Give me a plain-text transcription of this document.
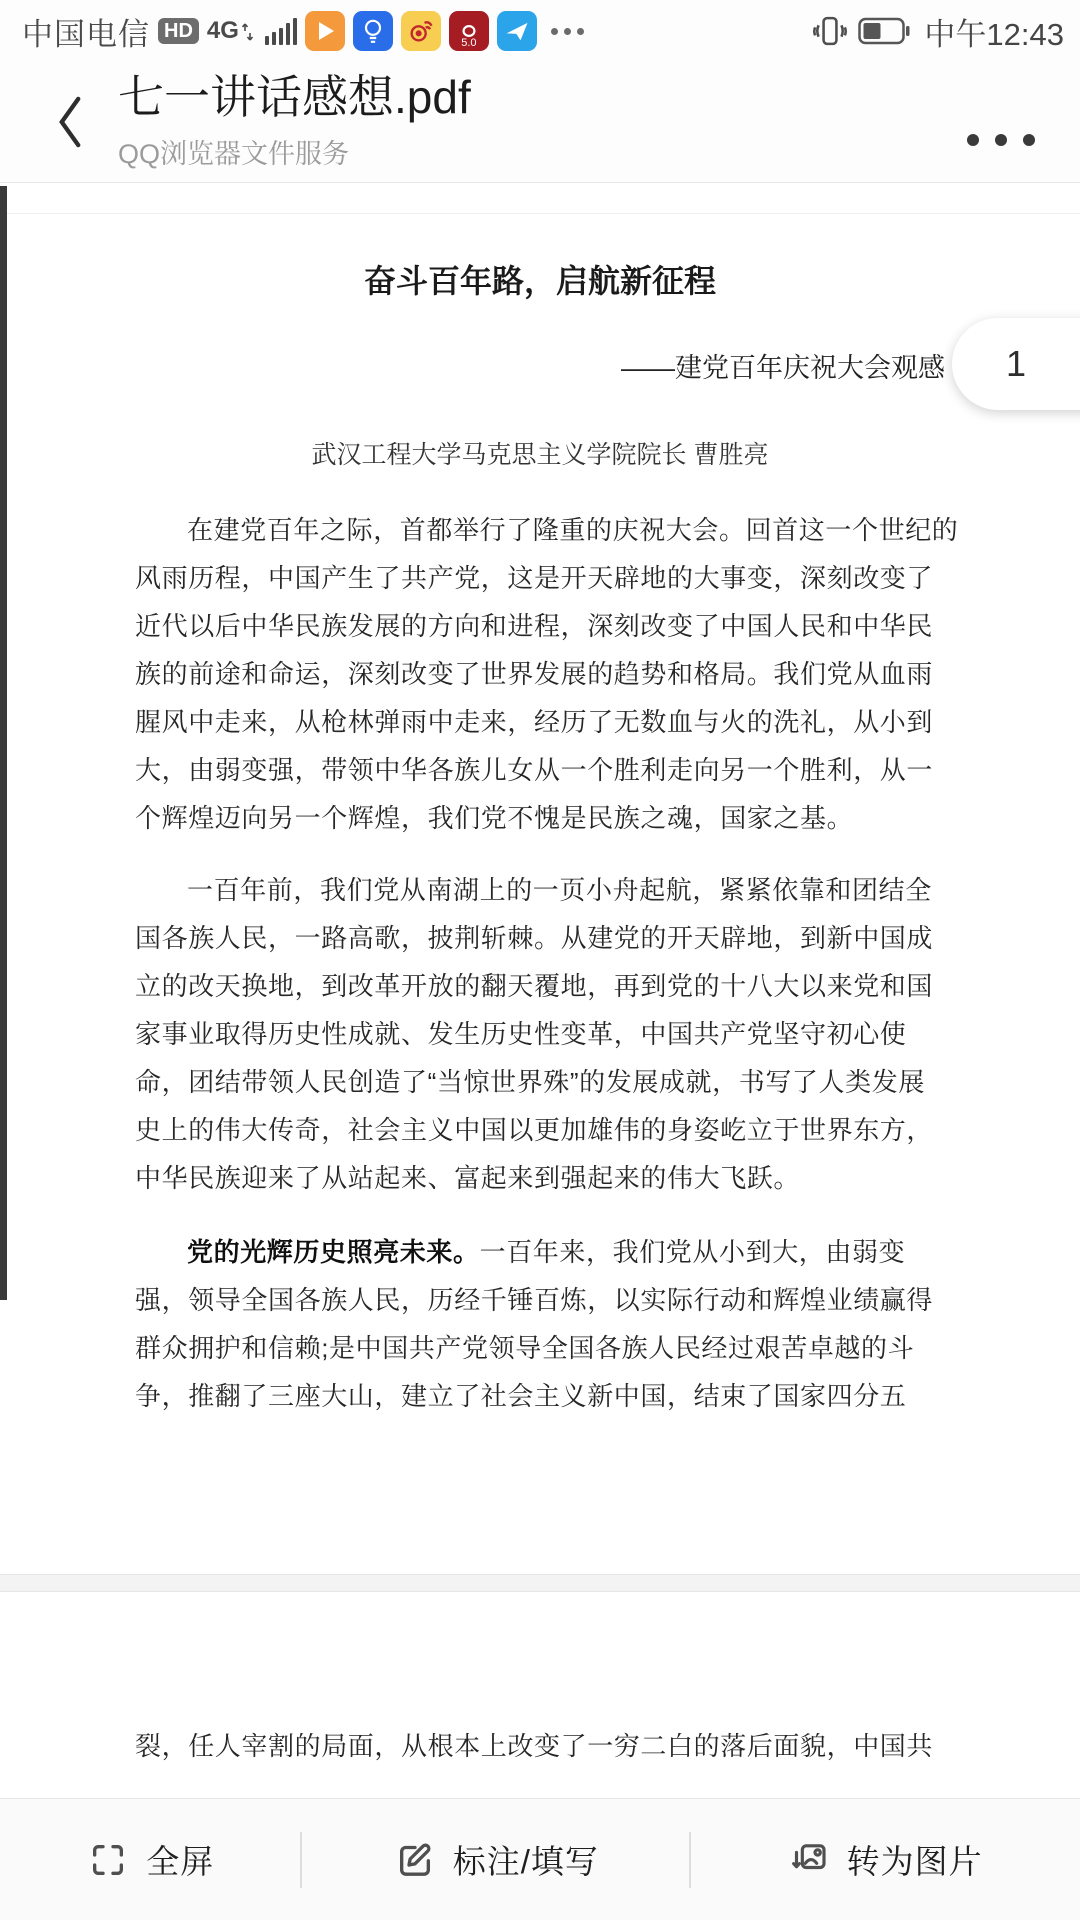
中国电信 HD 4G	5.0	中午12:43
七一讲话感想.pdf
QQ浏览器文件服务
奋斗百年路，启航新征程
——建党百年庆祝大会观感
武汉工程大学马克思主义学院院长 曹胜亮
在建党百年之际，首都举行了隆重的庆祝大会。回首这一个世纪的
风雨历程，中国产生了共产党，这是开天辟地的大事变，深刻改变了
近代以后中华民族发展的方向和进程，深刻改变了中国人民和中华民
族的前途和命运，深刻改变了世界发展的趋势和格局。我们党从血雨
腥风中走来，从枪林弹雨中走来，经历了无数血与火的洗礼，从小到
大，由弱变强，带领中华各族儿女从一个胜利走向另一个胜利，从一
个辉煌迈向另一个辉煌，我们党不愧是民族之魂，国家之基。
一百年前，我们党从南湖上的一页小舟起航，紧紧依靠和团结全
国各族人民，一路高歌，披荆斩棘。从建党的开天辟地，到新中国成
立的改天换地，到改革开放的翻天覆地，再到党的十八大以来党和国
家事业取得历史性成就、发生历史性变革，中国共产党坚守初心使
命，团结带领人民创造了“当惊世界殊”的发展成就，书写了人类发展
史上的伟大传奇，社会主义中国以更加雄伟的身姿屹立于世界东方，
中华民族迎来了从站起来、富起来到强起来的伟大飞跃。
党的光辉历史照亮未来。一百年来，我们党从小到大，由弱变
强，领导全国各族人民，历经千锤百炼，以实际行动和辉煌业绩赢得
群众拥护和信赖;是中国共产党领导全国各族人民经过艰苦卓越的斗
争，推翻了三座大山，建立了社会主义新中国，结束了国家四分五
裂，任人宰割的局面，从根本上改变了一穷二白的落后面貌，中国共
1
全屏	标注/填写	转为图片
